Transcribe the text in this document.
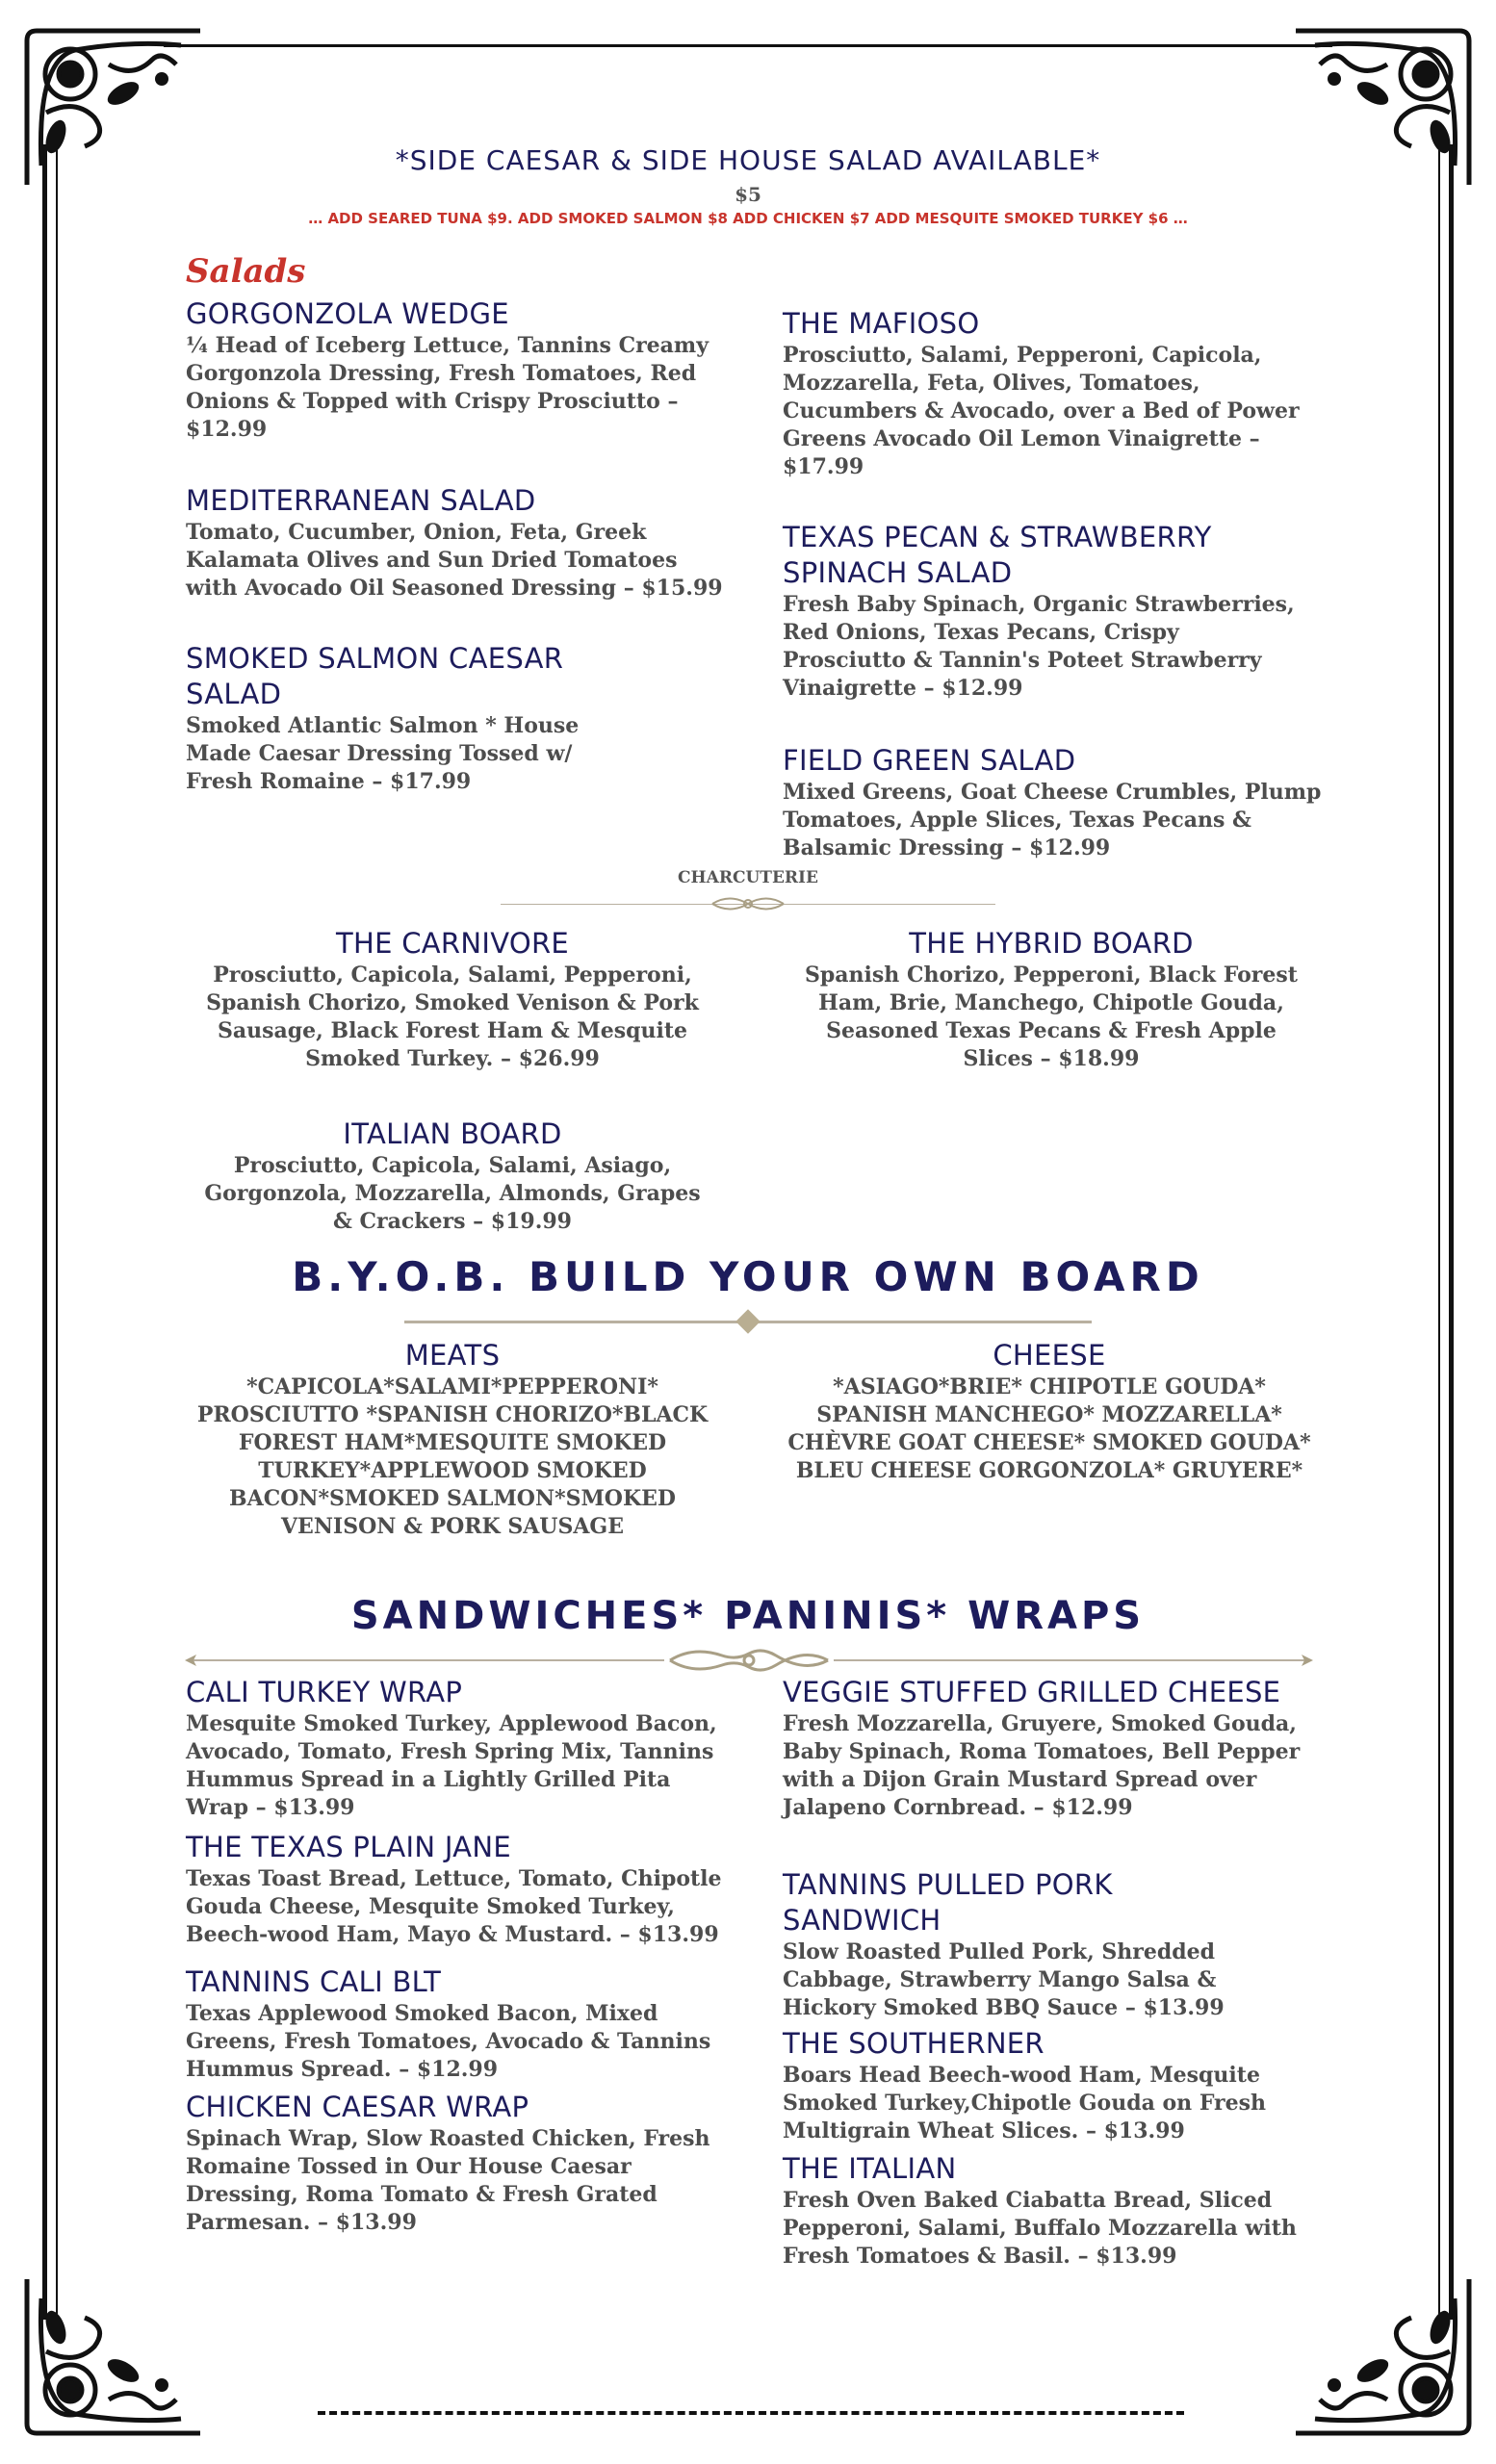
*SIDE CAESAR & SIDE HOUSE SALAD AVAILABLE*
$5
… ADD SEARED TUNA $9. ADD SMOKED SALMON $8 ADD CHICKEN $7 ADD MESQUITE SMOKED TURKEY $6 …
Salads
GORGONZOLA WEDGE

¼ Head of Iceberg Lettuce, Tannins Creamy Gorgonzola Dressing, Fresh Tomatoes, Red Onions & Topped with Crispy Prosciutto – $12.99

MEDITERRANEAN SALAD

Tomato, Cucumber, Onion, Feta, Greek Kalamata Olives and Sun Dried Tomatoes with Avocado Oil Seasoned Dressing – $15.99

SMOKED SALMON CAESAR SALAD

Smoked Atlantic Salmon * House Made Caesar Dressing Tossed w/ Fresh Romaine – $17.99

THE MAFIOSO

Prosciutto, Salami, Pepperoni, Capicola, Mozzarella, Feta, Olives, Tomatoes, Cucumbers & Avocado, over a Bed of Power Greens Avocado Oil Lemon Vinaigrette – $17.99

TEXAS PECAN & STRAWBERRY SPINACH SALAD

Fresh Baby Spinach, Organic Strawberries, Red Onions, Texas Pecans, Crispy Prosciutto & Tannin's Poteet Strawberry Vinaigrette – $12.99

FIELD GREEN SALAD

Mixed Greens, Goat Cheese Crumbles, Plump Tomatoes, Apple Slices, Texas Pecans & Balsamic Dressing – $12.99

CHARCUTERIE
THE CARNIVORE

Prosciutto, Capicola, Salami, Pepperoni, Spanish Chorizo, Smoked Venison & Pork Sausage, Black Forest Ham & Mesquite Smoked Turkey. – $26.99

THE HYBRID BOARD

Spanish Chorizo, Pepperoni, Black Forest Ham, Brie, Manchego, Chipotle Gouda, Seasoned Texas Pecans & Fresh Apple Slices – $18.99

ITALIAN BOARD

Prosciutto, Capicola, Salami, Asiago, Gorgonzola, Mozzarella, Almonds, Grapes & Crackers – $19.99

B.Y.O.B. BUILD YOUR OWN BOARD
MEATS

*CAPICOLA*SALAMI*PEPPERONI* PROSCIUTTO *SPANISH CHORIZO*BLACK FOREST HAM*MESQUITE SMOKED TURKEY*APPLEWOOD SMOKED BACON*SMOKED SALMON*SMOKED VENISON & PORK SAUSAGE

CHEESE

*ASIAGO*BRIE* CHIPOTLE GOUDA* SPANISH MANCHEGO* MOZZARELLA* CHÈVRE GOAT CHEESE* SMOKED GOUDA* BLEU CHEESE GORGONZOLA* GRUYERE*

SANDWICHES* PANINIS* WRAPS
CALI TURKEY WRAP

Mesquite Smoked Turkey, Applewood Bacon, Avocado, Tomato, Fresh Spring Mix, Tannins Hummus Spread in a Lightly Grilled Pita Wrap – $13.99

THE TEXAS PLAIN JANE

Texas Toast Bread, Lettuce, Tomato, Chipotle Gouda Cheese, Mesquite Smoked Turkey, Beech-wood Ham, Mayo & Mustard. – $13.99

TANNINS CALI BLT

Texas Applewood Smoked Bacon, Mixed Greens, Fresh Tomatoes, Avocado & Tannins Hummus Spread. – $12.99

CHICKEN CAESAR WRAP

Spinach Wrap, Slow Roasted Chicken, Fresh Romaine Tossed in Our House Caesar Dressing, Roma Tomato & Fresh Grated Parmesan. – $13.99

VEGGIE STUFFED GRILLED CHEESE

Fresh Mozzarella, Gruyere, Smoked Gouda, Baby Spinach, Roma Tomatoes, Bell Pepper with a Dijon Grain Mustard Spread over Jalapeno Cornbread. – $12.99

TANNINS PULLED PORK SANDWICH

Slow Roasted Pulled Pork, Shredded Cabbage, Strawberry Mango Salsa & Hickory Smoked BBQ Sauce – $13.99

THE SOUTHERNER

Boars Head Beech-wood Ham, Mesquite Smoked Turkey,Chipotle Gouda on Fresh Multigrain Wheat Slices. – $13.99

THE ITALIAN

Fresh Oven Baked Ciabatta Bread, Sliced Pepperoni, Salami, Buffalo Mozzarella with Fresh Tomatoes & Basil. – $13.99
